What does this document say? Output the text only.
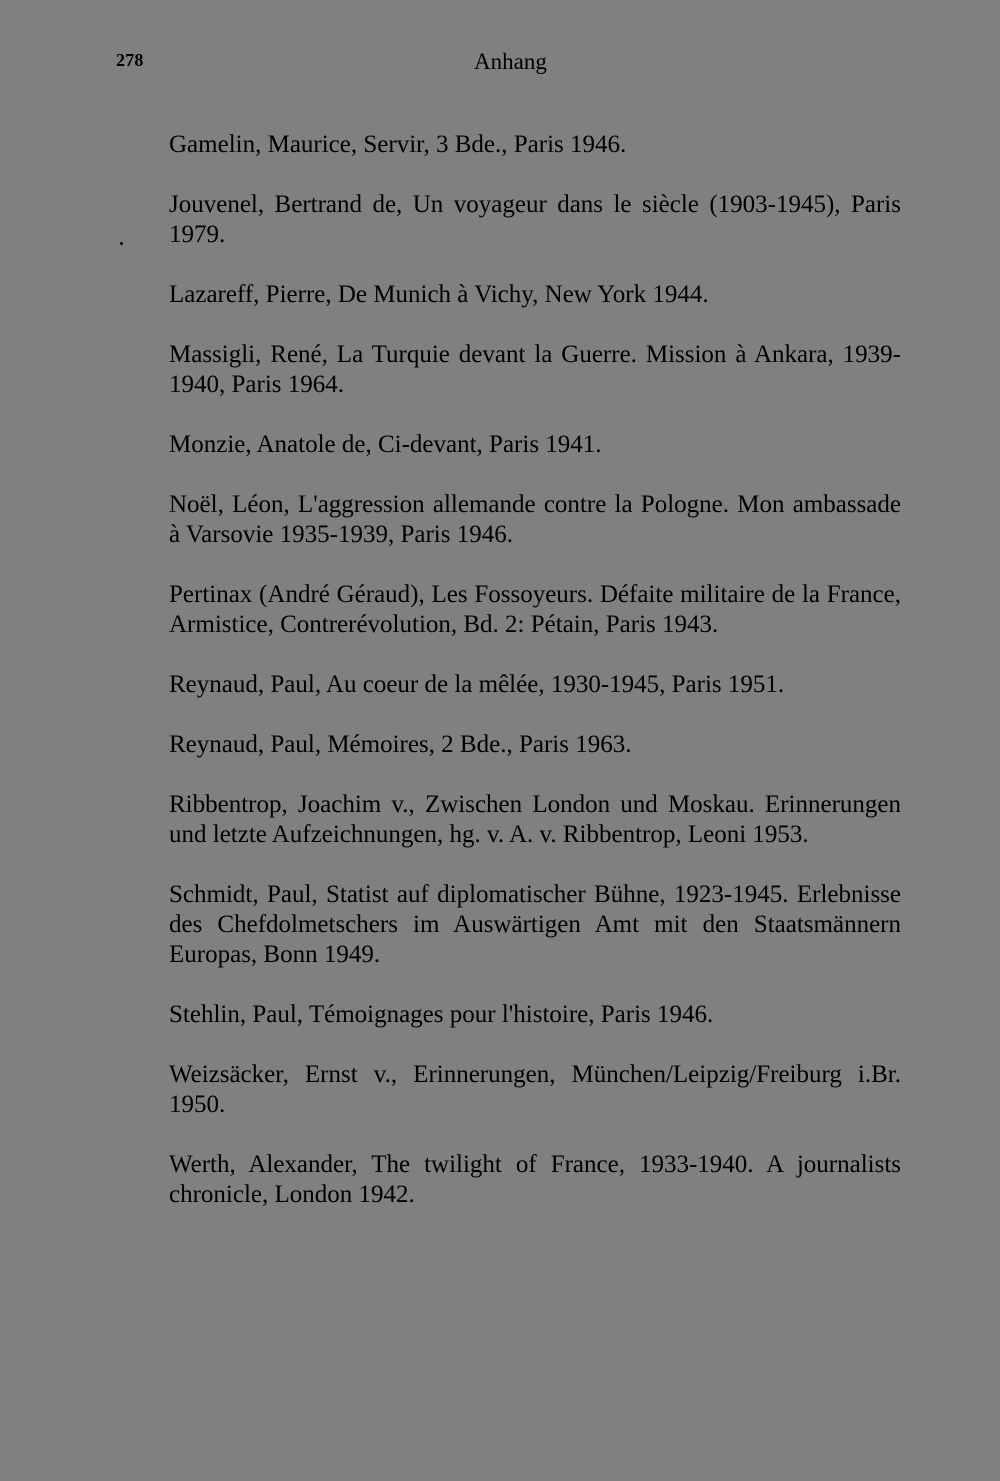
278	Anhang

Gamelin, Maurice, Servir, 3 Bde., Paris 1946.

Jouvenel, Bertrand de, Un voyageur dans le siècle (1903-1945), Paris 1979.

Lazareff, Pierre, De Munich à Vichy, New York 1944.

Massigli, René, La Turquie devant la Guerre. Mission à Ankara, 1939-1940, Paris 1964.

Monzie, Anatole de, Ci-devant, Paris 1941.

Noël, Léon, L'aggression allemande contre la Pologne. Mon ambassade à Varsovie 1935-1939, Paris 1946.

Pertinax (André Géraud), Les Fossoyeurs. Défaite militaire de la France, Armistice, Contrerévolution, Bd. 2: Pétain, Paris 1943.

Reynaud, Paul, Au coeur de la mêlée, 1930-1945, Paris 1951.

Reynaud, Paul, Mémoires, 2 Bde., Paris 1963.

Ribbentrop, Joachim v., Zwischen London und Moskau. Erinnerungen und letzte Aufzeichnungen, hg. v. A. v. Ribbentrop, Leoni 1953.

Schmidt, Paul, Statist auf diplomatischer Bühne, 1923-1945. Erlebnisse des Chefdolmetschers im Auswärtigen Amt mit den Staatsmännern Europas, Bonn 1949.

Stehlin, Paul, Témoignages pour l'histoire, Paris 1946.

Weizsäcker, Ernst v., Erinnerungen, München/Leipzig/Freiburg i.Br. 1950.

Werth, Alexander, The twilight of France, 1933-1940. A journalists chronicle, London 1942.
